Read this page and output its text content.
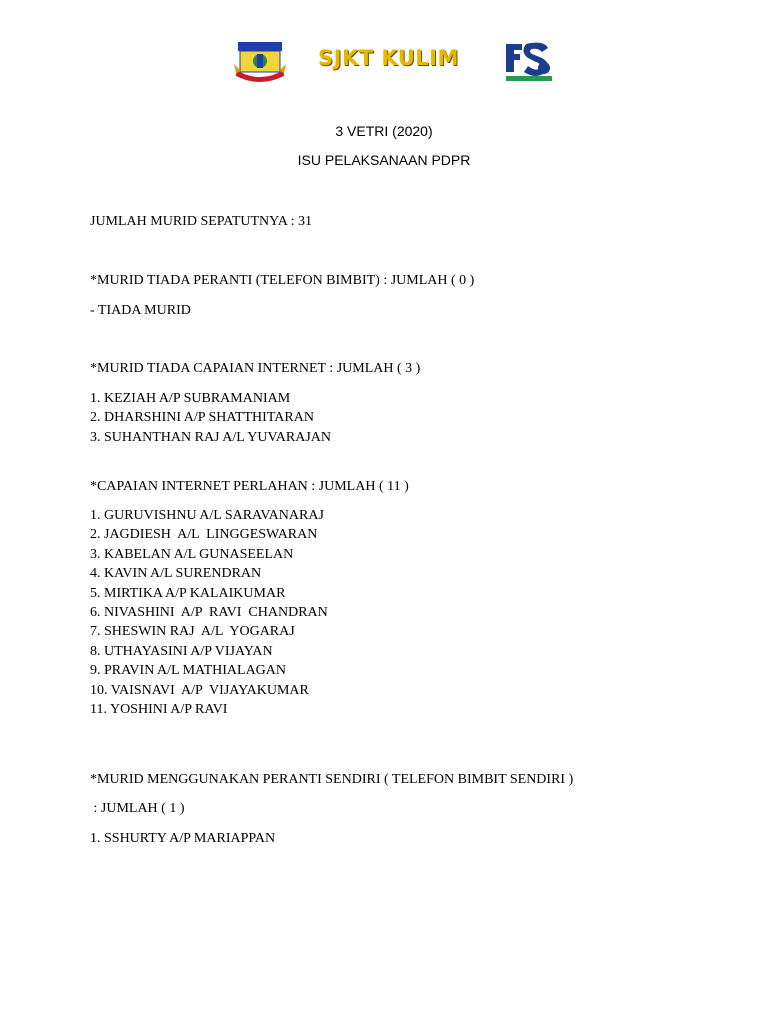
SJKT KULIM
3 VETRI (2020)
ISU PELAKSANAAN PDPR
JUMLAH MURID SEPATUTNYA : 31
*MURID TIADA PERANTI (TELEFON BIMBIT) : JUMLAH ( 0 )
- TIADA MURID
*MURID TIADA CAPAIAN INTERNET : JUMLAH ( 3 )
1. KEZIAH A/P SUBRAMANIAM
2. DHARSHINI A/P SHATTHITARAN
3. SUHANTHAN RAJ A/L YUVARAJAN
*CAPAIAN INTERNET PERLAHAN : JUMLAH ( 11 )
1. GURUVISHNU A/L SARAVANARAJ
2. JAGDIESH  A/L  LINGGESWARAN
3. KABELAN A/L GUNASEELAN
4. KAVIN A/L SURENDRAN
5. MIRTIKA A/P KALAIKUMAR
6. NIVASHINI  A/P  RAVI  CHANDRAN
7. SHESWIN RAJ  A/L  YOGARAJ
8. UTHAYASINI A/P VIJAYAN
9. PRAVIN A/L MATHIALAGAN
10. VAISNAVI  A/P  VIJAYAKUMAR
11. YOSHINI A/P RAVI
*MURID MENGGUNAKAN PERANTI SENDIRI ( TELEFON BIMBIT SENDIRI )
: JUMLAH ( 1 )
1. SSHURTY A/P MARIAPPAN
